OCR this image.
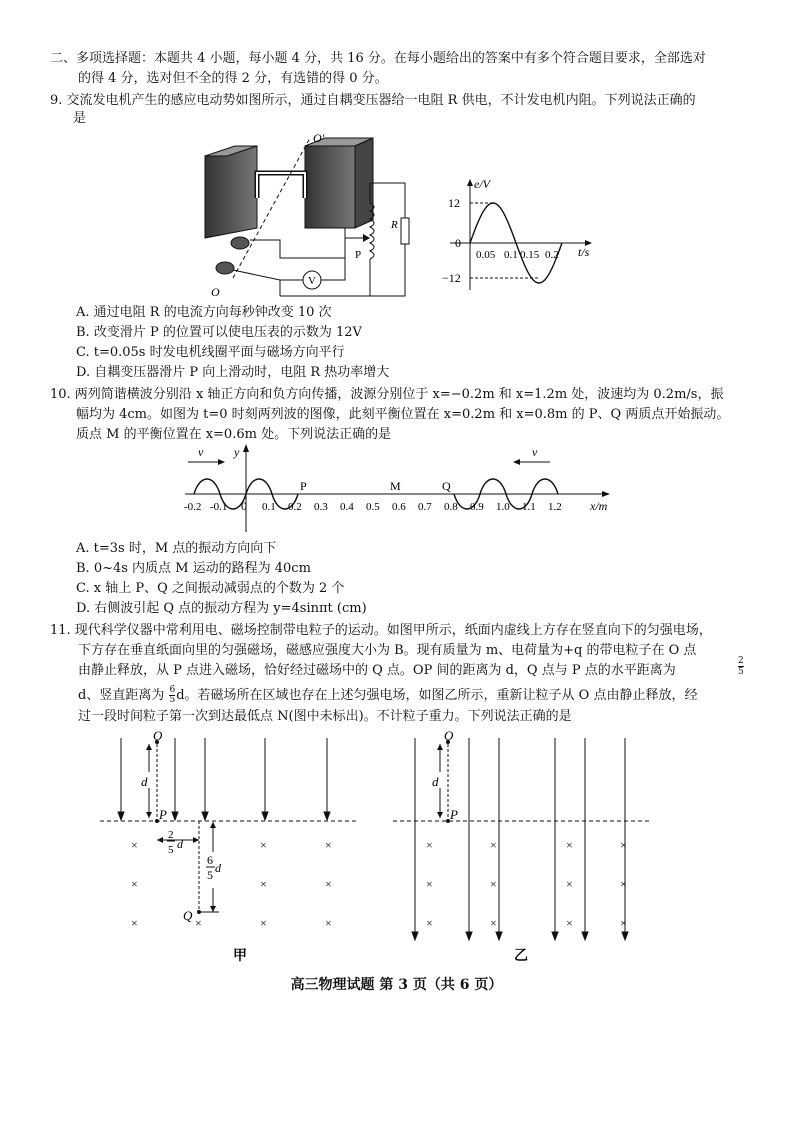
二、多项选择题：本题共 4 小题，每小题 4 分，共 16 分。在每小题给出的答案中有多个符合题目要求，全部选对
的得 4 分，选对但不全的得 2 分，有选错的得 0 分。
9. 交流发电机产生的感应电动势如图所示，通过自耦变压器给一电阻 R 供电，不计发电机内阻。下列说法正确的
是
O'
O
V
P
R
e/V
t/s
12
0
−12
0.05 0.1 0.15 0.2
A. 通过电阻 R 的电流方向每秒钟改变 10 次
B. 改变滑片 P 的位置可以使电压表的示数为 12V
C. t=0.05s 时发电机线圈平面与磁场方向平行
D. 自耦变压器滑片 P 向上滑动时，电阻 R 热功率增大
10. 两列简谐横波分别沿 x 轴正方向和负方向传播，波源分别位于 x=−0.2m 和 x=1.2m 处，波速均为 0.2m/s，振
幅均为 4cm。如图为 t=0 时刻两列波的图像，此刻平衡位置在 x=0.2m 和 x=0.8m 的 P、Q 两质点开始振动。
质点 M 的平衡位置在 x=0.6m 处。下列说法正确的是
y
x/m
0
-0.2 -0.1	0.1 0.2 0.3 0.4 0.5 0.6 0.7 0.8 0.9 1.0 1.1 1.2
P	M	Q
v	v
A. t=3s 时，M 点的振动方向向下
B. 0~4s 内质点 M 运动的路程为 40cm
C. x 轴上 P、Q 之间振动减弱点的个数为 2 个
D. 右侧波引起 Q 点的振动方程为 y=4sinπt (cm)
11. 现代科学仪器中常利用电、磁场控制带电粒子的运动。如图甲所示，纸面内虚线上方存在竖直向下的匀强电场，
下方存在垂直纸面向里的匀强磁场，磁感应强度大小为 B。现有质量为 m、电荷量为+q 的带电粒子在 O 点
由静止释放，从 P 点进入磁场，恰好经过磁场中的 Q 点。OP 间的距离为 d，Q 点与 P 点的水平距离为
2
5
d、竖直距离为 $\frac{6}{5}$ d。若磁场所在区域也存在上述匀强电场，如图乙所示，重新让粒子从 O 点由静止释放，经
过一段时间粒子第一次到达最低点 N(图中未标出)。不计粒子重力。下列说法正确的是
O
P
d
2
5 d
6
5 d
Q
×	×	×
×	×	×
×	×	×	×
甲
O
P
d
×	×	×	×
×	×	×	×
×	×	×	×
乙
高三物理试题 第 3 页（共 6 页）
